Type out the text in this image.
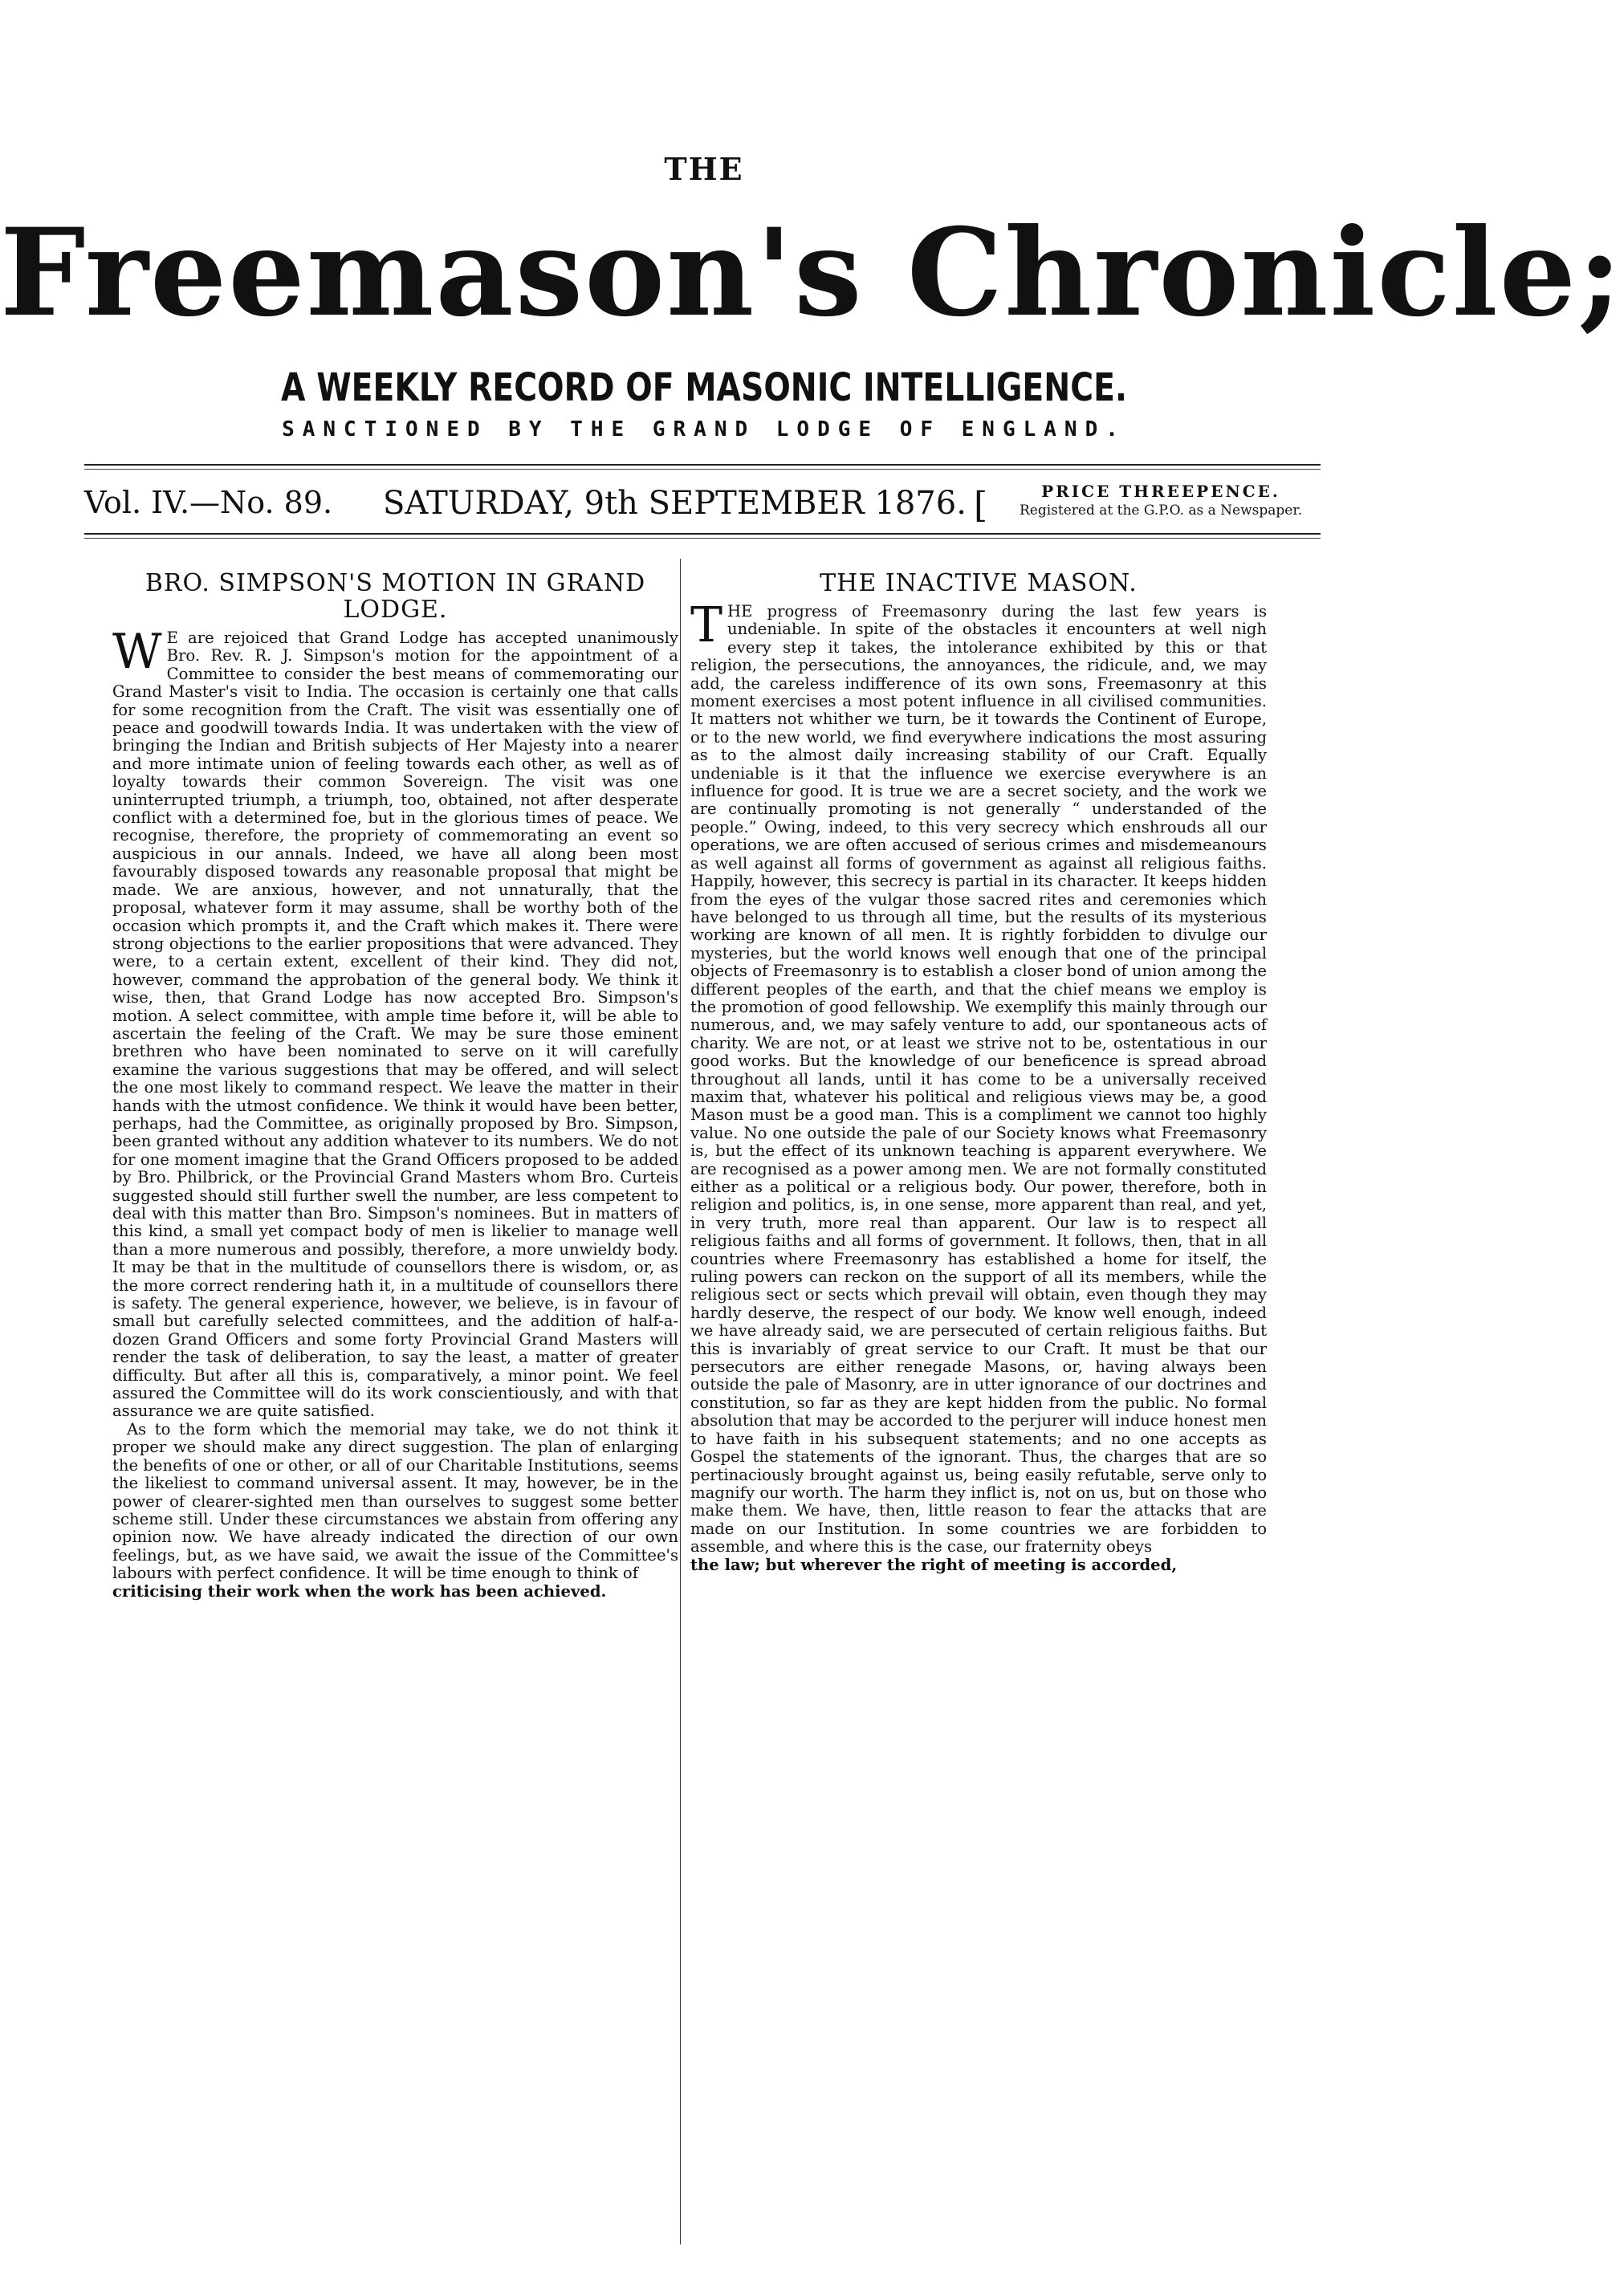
THE
Freemason's Chronicle;
A WEEKLY RECORD OF MASONIC INTELLIGENCE.
SANCTIONED BY THE GRAND LODGE OF ENGLAND.
Vol. IV.—No. 89. SATURDAY, 9th SEPTEMBER 1876. [	PRICE THREEPENCE.
Registered at the G.P.O. as a Newspaper.
BRO. SIMPSON'S MOTION IN GRAND LODGE.

W E are rejoiced that Grand Lodge has accepted unanimously Bro. Rev. R. J. Simpson's motion for the appointment of a Committee to consider the best means of commemorating our Grand Master's visit to India. The occasion is certainly one that calls for some recognition from the Craft. The visit was essentially one of peace and goodwill towards India. It was undertaken with the view of bringing the Indian and British subjects of Her Majesty into a nearer and more intimate union of feeling towards each other, as well as of loyalty towards their common Sovereign. The visit was one uninterrupted triumph, a triumph, too, obtained, not after desperate conflict with a determined foe, but in the glorious times of peace. We recognise, therefore, the propriety of commemorating an event so auspicious in our annals. Indeed, we have all along been most favourably disposed towards any reasonable proposal that might be made. We are anxious, however, and not unnaturally, that the proposal, whatever form it may assume, shall be worthy both of the occasion which prompts it, and the Craft which makes it. There were strong objections to the earlier propositions that were advanced. They were, to a certain extent, excellent of their kind. They did not, however, command the approbation of the general body. We think it wise, then, that Grand Lodge has now accepted Bro. Simpson's motion. A select committee, with ample time before it, will be able to ascertain the feeling of the Craft. We may be sure those eminent brethren who have been nominated to serve on it will carefully examine the various suggestions that may be offered, and will select the one most likely to command respect. We leave the matter in their hands with the utmost confidence. We think it would have been better, perhaps, had the Committee, as originally proposed by Bro. Simpson, been granted without any addition whatever to its numbers. We do not for one moment imagine that the Grand Officers proposed to be added by Bro. Philbrick, or the Provincial Grand Masters whom Bro. Curteis suggested should still further swell the number, are less competent to deal with this matter than Bro. Simpson's nominees. But in matters of this kind, a small yet compact body of men is likelier to manage well than a more numerous and possibly, therefore, a more unwieldy body. It may be that in the multitude of counsellors there is wisdom, or, as the more correct rendering hath it, in a multitude of counsellors there is safety. The general experience, however, we believe, is in favour of small but carefully selected committees, and the addition of half-a-dozen Grand Officers and some forty Provincial Grand Masters will render the task of deliberation, to say the least, a matter of greater difficulty. But after all this is, comparatively, a minor point. We feel assured the Committee will do its work conscientiously, and with that assurance we are quite satisfied.

As to the form which the memorial may take, we do not think it proper we should make any direct suggestion. The plan of enlarging the benefits of one or other, or all of our Charitable Institutions, seems the likeliest to command universal assent. It may, however, be in the power of clearer-sighted men than ourselves to suggest some better scheme still. Under these circumstances we abstain from offering any opinion now. We have already indicated the direction of our own feelings, but, as we have said, we await the issue of the Committee's labours with perfect confidence. It will be time enough to think of

criticising their work when the work has been achieved.

THE INACTIVE MASON.

THE progress of Freemasonry during the last few years is undeniable. In spite of the obstacles it encounters at well nigh every step it takes, the intolerance exhibited by this or that religion, the persecutions, the annoyances, the ridicule, and, we may add, the careless indifference of its own sons, Freemasonry at this moment exercises a most potent influence in all civilised communities. It matters not whither we turn, be it towards the Continent of Europe, or to the new world, we find everywhere indications the most assuring as to the almost daily increasing stability of our Craft. Equally undeniable is it that the influence we exercise everywhere is an influence for good. It is true we are a secret society, and the work we are continually promoting is not generally “ understanded of the people.” Owing, indeed, to this very secrecy which enshrouds all our operations, we are often accused of serious crimes and misdemeanours as well against all forms of government as against all religious faiths. Happily, however, this secrecy is partial in its character. It keeps hidden from the eyes of the vulgar those sacred rites and ceremonies which have belonged to us through all time, but the results of its mysterious working are known of all men. It is rightly forbidden to divulge our mysteries, but the world knows well enough that one of the principal objects of Freemasonry is to establish a closer bond of union among the different peoples of the earth, and that the chief means we employ is the promotion of good fellowship. We exemplify this mainly through our numerous, and, we may safely venture to add, our spontaneous acts of charity. We are not, or at least we strive not to be, ostentatious in our good works. But the knowledge of our beneficence is spread abroad throughout all lands, until it has come to be a universally received maxim that, whatever his political and religious views may be, a good Mason must be a good man. This is a compliment we cannot too highly value. No one outside the pale of our Society knows what Freemasonry is, but the effect of its unknown teaching is apparent everywhere. We are recognised as a power among men. We are not formally constituted either as a political or a religious body. Our power, therefore, both in religion and politics, is, in one sense, more apparent than real, and yet, in very truth, more real than apparent. Our law is to respect all religious faiths and all forms of government. It follows, then, that in all countries where Freemasonry has established a home for itself, the ruling powers can reckon on the support of all its members, while the religious sect or sects which prevail will obtain, even though they may hardly deserve, the respect of our body. We know well enough, indeed we have already said, we are persecuted of certain religious faiths. But this is invariably of great service to our Craft. It must be that our persecutors are either renegade Masons, or, having always been outside the pale of Masonry, are in utter ignorance of our doctrines and constitution, so far as they are kept hidden from the public. No formal absolution that may be accorded to the perjurer will induce honest men to have faith in his subsequent statements; and no one accepts as Gospel the statements of the ignorant. Thus, the charges that are so pertinaciously brought against us, being easily refutable, serve only to magnify our worth. The harm they inflict is, not on us, but on those who make them. We have, then, little reason to fear the attacks that are made on our Institution. In some countries we are forbidden to assemble, and where this is the case, our fraternity obeys

the law; but wherever the right of meeting is accorded,
